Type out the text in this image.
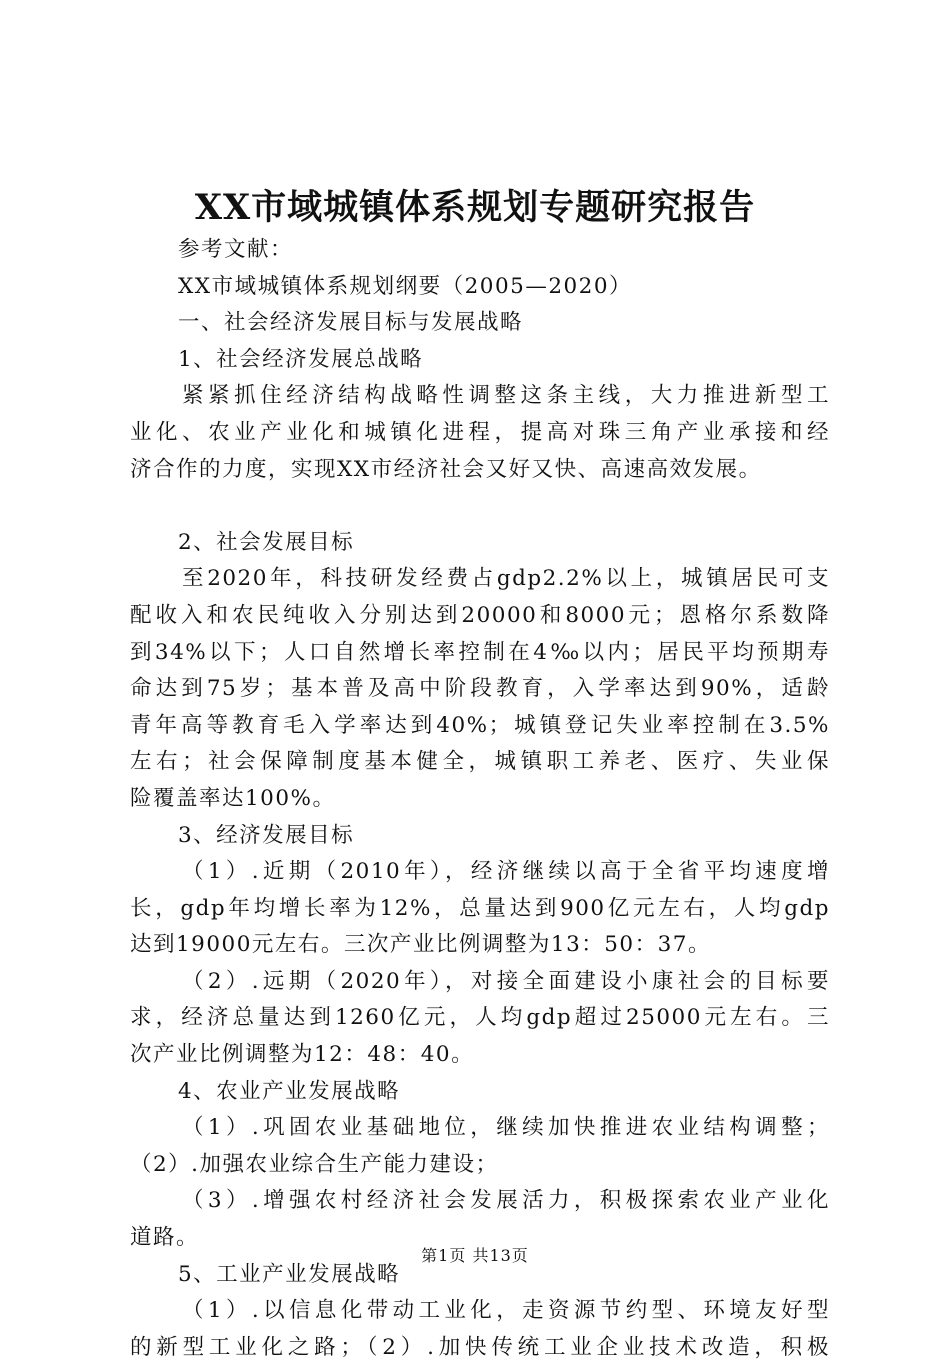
XX市域城镇体系规划专题研究报告
参考文献：
XX市域城镇体系规划纲要（2005—2020）
一、社会经济发展目标与发展战略
1、社会经济发展总战略
紧紧抓住经济结构战略性调整这条主线，大力推进新型工
业化、农业产业化和城镇化进程，提高对珠三角产业承接和经
济合作的力度，实现XX市经济社会又好又快、高速高效发展。
2、社会发展目标
至2020年，科技研发经费占gdp2.2%以上，城镇居民可支
配收入和农民纯收入分别达到20000和8000元；恩格尔系数降
到34%以下；人口自然增长率控制在4‰以内；居民平均预期寿
命达到75岁；基本普及高中阶段教育，入学率达到90%，适龄
青年高等教育毛入学率达到40%；城镇登记失业率控制在3.5%
左右；社会保障制度基本健全，城镇职工养老、医疗、失业保
险覆盖率达100%。
3、经济发展目标
（1）.近期（2010年），经济继续以高于全省平均速度增
长，gdp年均增长率为12%，总量达到900亿元左右，人均gdp
达到19000元左右。三次产业比例调整为13：50：37。
（2）.远期（2020年），对接全面建设小康社会的目标要
求，经济总量达到1260亿元，人均gdp超过25000元左右。三
次产业比例调整为12：48：40。
4、农业产业发展战略
（1）.巩固农业基础地位，继续加快推进农业结构调整；
（2）.加强农业综合生产能力建设；
（3）.增强农村经济社会发展活力，积极探索农业产业化
道路。
5、工业产业发展战略
（1）.以信息化带动工业化，走资源节约型、环境友好型
的新型工业化之路；（2）.加快传统工业企业技术改造，积极
第1页 共13页
